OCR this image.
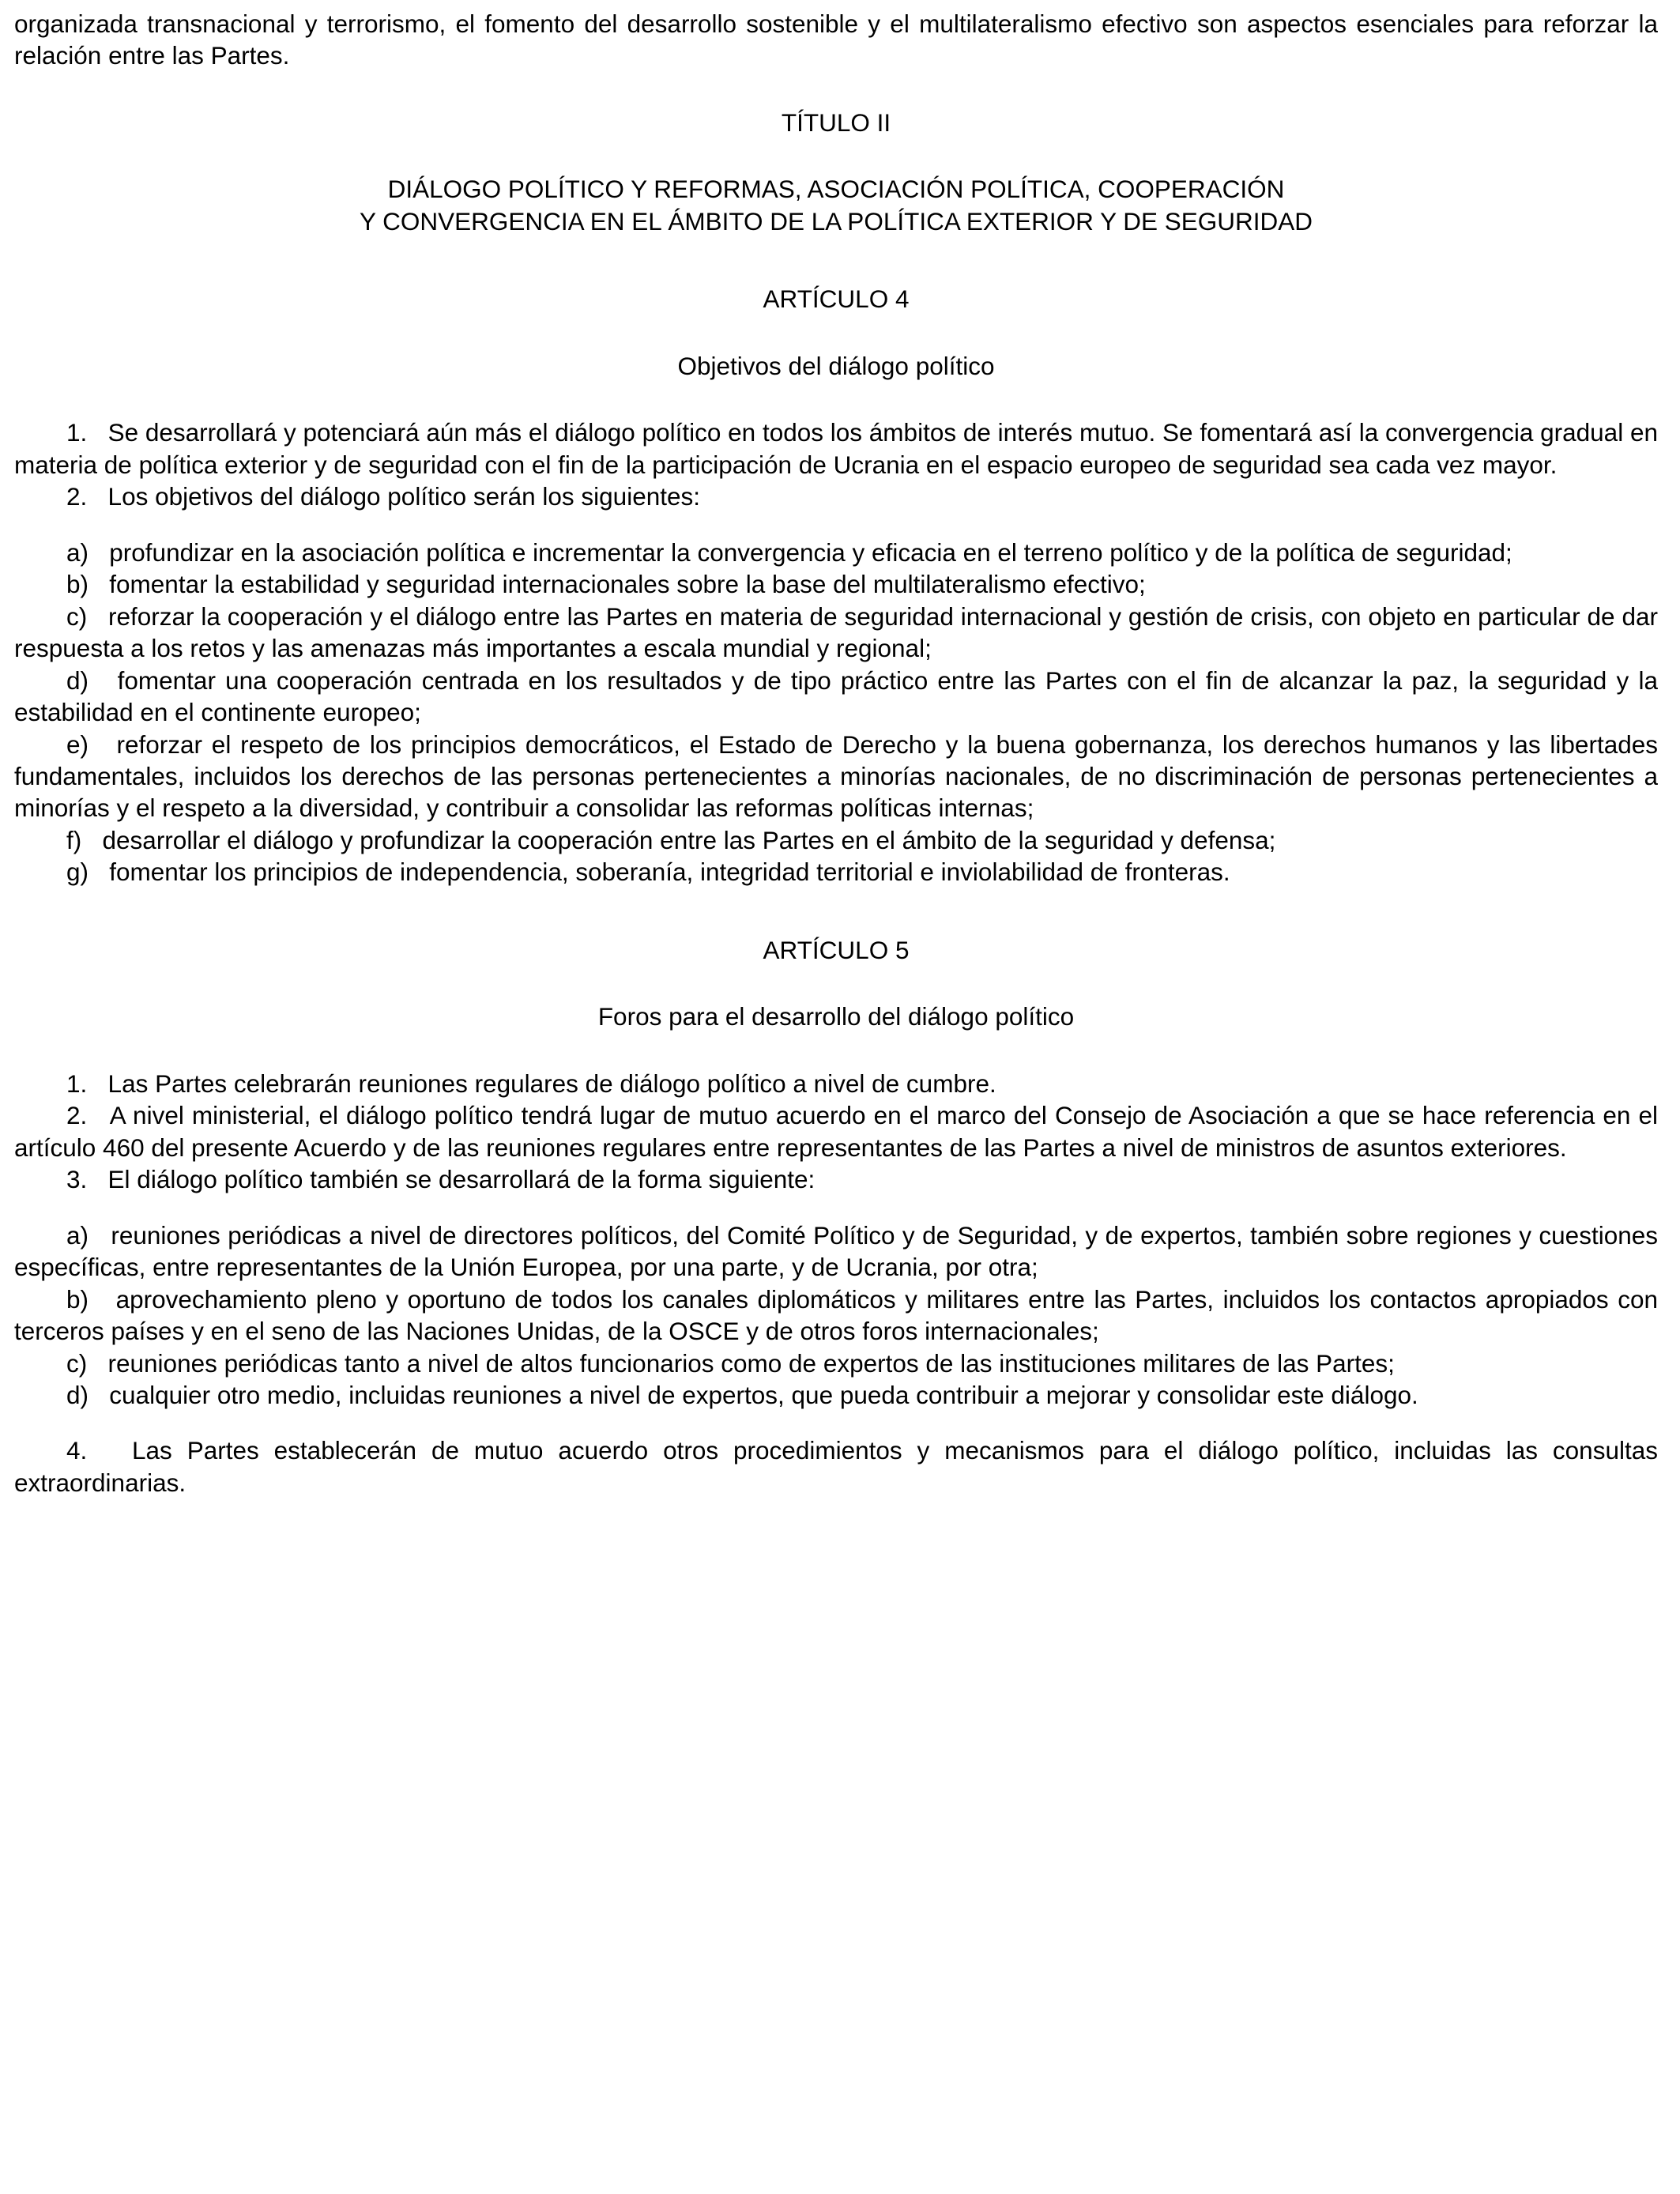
organizada transnacional y terrorismo, el fomento del desarrollo sostenible y el multilateralismo efectivo son aspectos esenciales para reforzar la relación entre las Partes.

TÍTULO II

DIÁLOGO POLÍTICO Y REFORMAS, ASOCIACIÓN POLÍTICA, COOPERACIÓN

Y CONVERGENCIA EN EL ÁMBITO DE LA POLÍTICA EXTERIOR Y DE SEGURIDAD

ARTÍCULO 4

Objetivos del diálogo político

1. Se desarrollará y potenciará aún más el diálogo político en todos los ámbitos de interés mutuo. Se fomentará así la convergencia gradual en materia de política exterior y de seguridad con el fin de la participación de Ucrania en el espacio europeo de seguridad sea cada vez mayor.

2. Los objetivos del diálogo político serán los siguientes:

a) profundizar en la asociación política e incrementar la convergencia y eficacia en el terreno político y de la política de seguridad;

b) fomentar la estabilidad y seguridad internacionales sobre la base del multilateralismo efectivo;

c) reforzar la cooperación y el diálogo entre las Partes en materia de seguridad internacional y gestión de crisis, con objeto en particular de dar respuesta a los retos y las amenazas más importantes a escala mundial y regional;

d) fomentar una cooperación centrada en los resultados y de tipo práctico entre las Partes con el fin de alcanzar la paz, la seguridad y la estabilidad en el continente europeo;

e) reforzar el respeto de los principios democráticos, el Estado de Derecho y la buena gobernanza, los derechos humanos y las libertades fundamentales, incluidos los derechos de las personas pertenecientes a minorías nacionales, de no discriminación de personas pertenecientes a minorías y el respeto a la diversidad, y contribuir a consolidar las reformas políticas internas;

f) desarrollar el diálogo y profundizar la cooperación entre las Partes en el ámbito de la seguridad y defensa;

g) fomentar los principios de independencia, soberanía, integridad territorial e inviolabilidad de fronteras.

ARTÍCULO 5

Foros para el desarrollo del diálogo político

1. Las Partes celebrarán reuniones regulares de diálogo político a nivel de cumbre.

2. A nivel ministerial, el diálogo político tendrá lugar de mutuo acuerdo en el marco del Consejo de Asociación a que se hace referencia en el artículo 460 del presente Acuerdo y de las reuniones regulares entre representantes de las Partes a nivel de ministros de asuntos exteriores.

3. El diálogo político también se desarrollará de la forma siguiente:

a) reuniones periódicas a nivel de directores políticos, del Comité Político y de Seguridad, y de expertos, también sobre regiones y cuestiones específicas, entre representantes de la Unión Europea, por una parte, y de Ucrania, por otra;

b) aprovechamiento pleno y oportuno de todos los canales diplomáticos y militares entre las Partes, incluidos los contactos apropiados con terceros países y en el seno de las Naciones Unidas, de la OSCE y de otros foros internacionales;

c) reuniones periódicas tanto a nivel de altos funcionarios como de expertos de las instituciones militares de las Partes;

d) cualquier otro medio, incluidas reuniones a nivel de expertos, que pueda contribuir a mejorar y consolidar este diálogo.

4. Las Partes establecerán de mutuo acuerdo otros procedimientos y mecanismos para el diálogo político, incluidas las consultas extraordinarias.
